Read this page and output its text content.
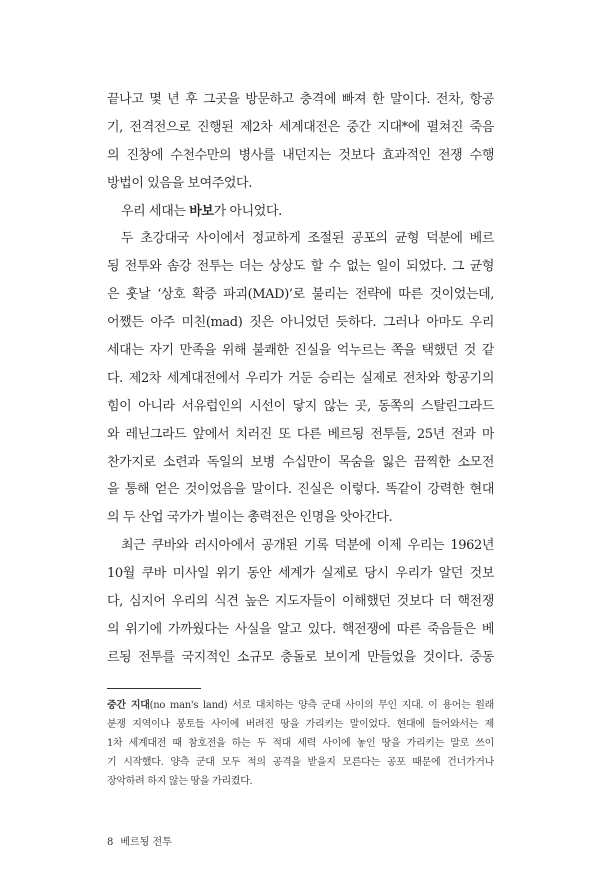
끝나고 몇 년 후 그곳을 방문하고 충격에 빠져 한 말이다. 전차, 항공
기, 전격전으로 진행된 제2차 세계대전은 중간 지대*에 펼쳐진 죽음
의 진창에 수천수만의 병사를 내던지는 것보다 효과적인 전쟁 수행
방법이 있음을 보여주었다.
우리 세대는 바보가 아니었다.
두 초강대국 사이에서 정교하게 조절된 공포의 균형 덕분에 베르
됭 전투와 솜강 전투는 더는 상상도 할 수 없는 일이 되었다. 그 균형
은 훗날 ‘상호 확증 파괴(MAD)’로 불리는 전략에 따른 것이었는데,
어쨌든 아주 미친(mad) 짓은 아니었던 듯하다. 그러나 아마도 우리
세대는 자기 만족을 위해 불쾌한 진실을 억누르는 쪽을 택했던 것 같
다. 제2차 세계대전에서 우리가 거둔 승리는 실제로 전차와 항공기의
힘이 아니라 서유럽인의 시선이 닿지 않는 곳, 동쪽의 스탈린그라드
와 레닌그라드 앞에서 치러진 또 다른 베르됭 전투들, 25년 전과 마
찬가지로 소련과 독일의 보병 수십만이 목숨을 잃은 끔찍한 소모전
을 통해 얻은 것이었음을 말이다. 진실은 이렇다. 똑같이 강력한 현대
의 두 산업 국가가 벌이는 총력전은 인명을 앗아간다.
최근 쿠바와 러시아에서 공개된 기록 덕분에 이제 우리는 1962년
10월 쿠바 미사일 위기 동안 세계가 실제로 당시 우리가 알던 것보
다, 심지어 우리의 식견 높은 지도자들이 이해했던 것보다 더 핵전쟁
의 위기에 가까웠다는 사실을 알고 있다. 핵전쟁에 따른 죽음들은 베
르됭 전투를 국지적인 소규모 충돌로 보이게 만들었을 것이다. 중동
중간 지대(no man's land) 서로 대치하는 양측 군대 사이의 무인 지대. 이 용어는 원래
분쟁 지역이나 봉토들 사이에 버려진 땅을 가리키는 말이었다. 현대에 들어와서는 제
1차 세계대전 때 참호전을 하는 두 적대 세력 사이에 놓인 땅을 가리키는 말로 쓰이
기 시작했다. 양측 군대 모두 적의 공격을 받을지 모른다는 공포 때문에 건너가거나
장악하려 하지 않는 땅을 가리켰다.
8 베르됭 전투
